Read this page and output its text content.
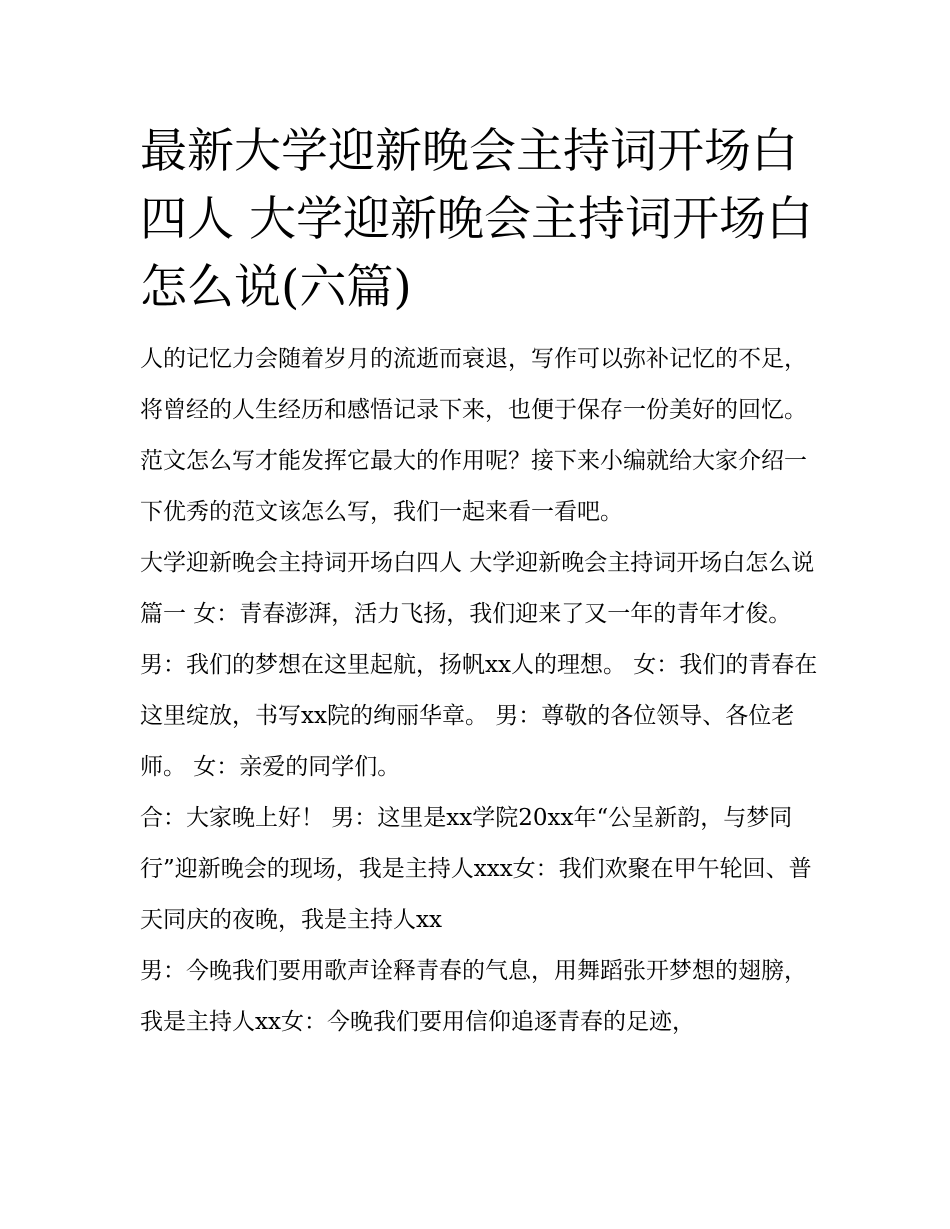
最新大学迎新晚会主持词开场白四人 大学迎新晚会主持词开场白怎么说(六篇)

人的记忆力会随着岁月的流逝而衰退，写作可以弥补记忆的不足，将曾经的人生经历和感悟记录下来，也便于保存一份美好的回忆。范文怎么写才能发挥它最大的作用呢？接下来小编就给大家介绍一下优秀的范文该怎么写，我们一起来看一看吧。

大学迎新晚会主持词开场白四人 大学迎新晚会主持词开场白怎么说篇一 女：青春澎湃，活力飞扬，我们迎来了又一年的青年才俊。

男：我们的梦想在这里起航，扬帆xx人的理想。 女：我们的青春在这里绽放，书写xx院的绚丽华章。 男：尊敬的各位领导、各位老师。 女：亲爱的同学们。

合：大家晚上好！ 男：这里是xx学院20xx年“公呈新韵，与梦同行”迎新晚会的现场，我是主持人xxx女：我们欢聚在甲午轮回、普天同庆的夜晚，我是主持人xx

男：今晚我们要用歌声诠释青春的气息，用舞蹈张开梦想的翅膀，我是主持人xx女：今晚我们要用信仰追逐青春的足迹，
